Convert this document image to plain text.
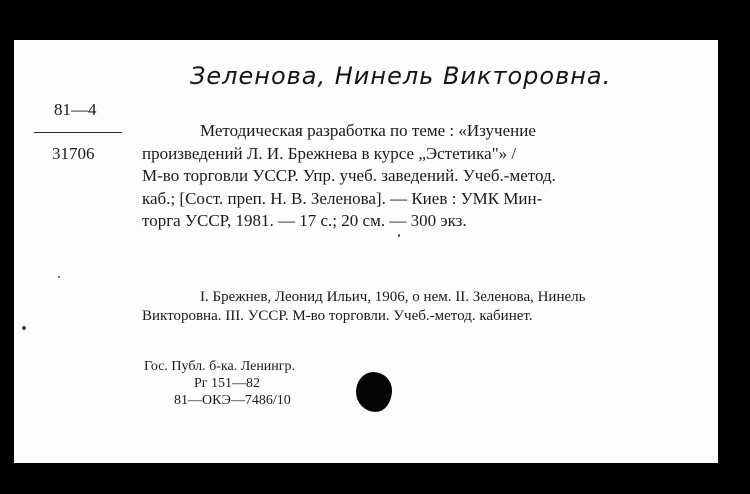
Зеленова, Нинель Викторовна.
81—4
31706
Методическая разработка по теме : «Изучение
произведений Л. И. Брежнева в курсе „Эстетика"» /
М-во торговли УССР. Упр. учеб. заведений. Учеб.-метод.
каб.; [Сост. преп. Н. В. Зеленова]. — Киев : УМК Мин-
торга УССР, 1981. — 17 с.; 20 см. — 300 экз.
I. Брежнев, Леонид Ильич, 1906, о нем. II. Зеленова, Нинель
Викторовна. III. УССР. М-во торговли. Учеб.-метод. кабинет.
Гос. Публ. б-ка. Ленингр.
Рг 151—82
81—ОКЭ—7486/10
